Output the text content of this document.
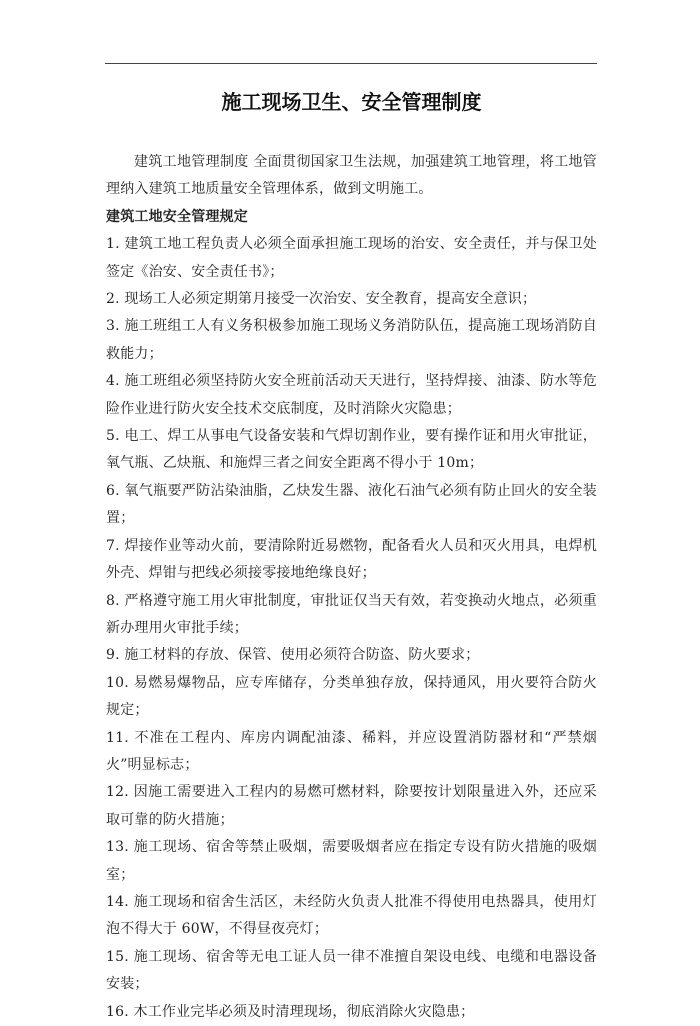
施工现场卫生、安全管理制度

建筑工地管理制度 全面贯彻国家卫生法规，加强建筑工地管理，将工地管理纳入建筑工地质量安全管理体系，做到文明施工。

建筑工地安全管理规定

1. 建筑工地工程负责人必须全面承担施工现场的治安、安全责任，并与保卫处签定《治安、安全责任书》；

2. 现场工人必须定期第月接受一次治安、安全教育，提高安全意识；

3. 施工班组工人有义务积极参加施工现场义务消防队伍，提高施工现场消防自救能力；

4. 施工班组必须坚持防火安全班前活动天天进行，坚持焊接、油漆、防水等危险作业进行防火安全技术交底制度，及时消除火灾隐患；

5. 电工、焊工从事电气设备安装和气焊切割作业，要有操作证和用火审批证，氧气瓶、乙炔瓶、和施焊三者之间安全距离不得小于 10m；

6. 氧气瓶要严防沾染油脂，乙炔发生器、液化石油气必须有防止回火的安全装置；

7. 焊接作业等动火前，要清除附近易燃物，配备看火人员和灭火用具，电焊机外壳、焊钳与把线必须接零接地绝缘良好；

8. 严格遵守施工用火审批制度，审批证仅当天有效，若变换动火地点，必须重新办理用火审批手续；

9. 施工材料的存放、保管、使用必须符合防盗、防火要求；

10. 易燃易爆物品，应专库储存，分类单独存放，保持通风，用火要符合防火规定；

11. 不准在工程内、库房内调配油漆、稀料，并应设置消防器材和“严禁烟火”明显标志；

12. 因施工需要进入工程内的易燃可燃材料，除要按计划限量进入外，还应采取可靠的防火措施；

13. 施工现场、宿舍等禁止吸烟，需要吸烟者应在指定专设有防火措施的吸烟室；

14. 施工现场和宿舍生活区，未经防火负责人批准不得使用电热器具，使用灯泡不得大于 60W，不得昼夜亮灯；

15. 施工现场、宿舍等无电工证人员一律不准擅自架设电线、电缆和电器设备安装；

16. 木工作业完毕必须及时清理现场，彻底消除火灾隐患；
